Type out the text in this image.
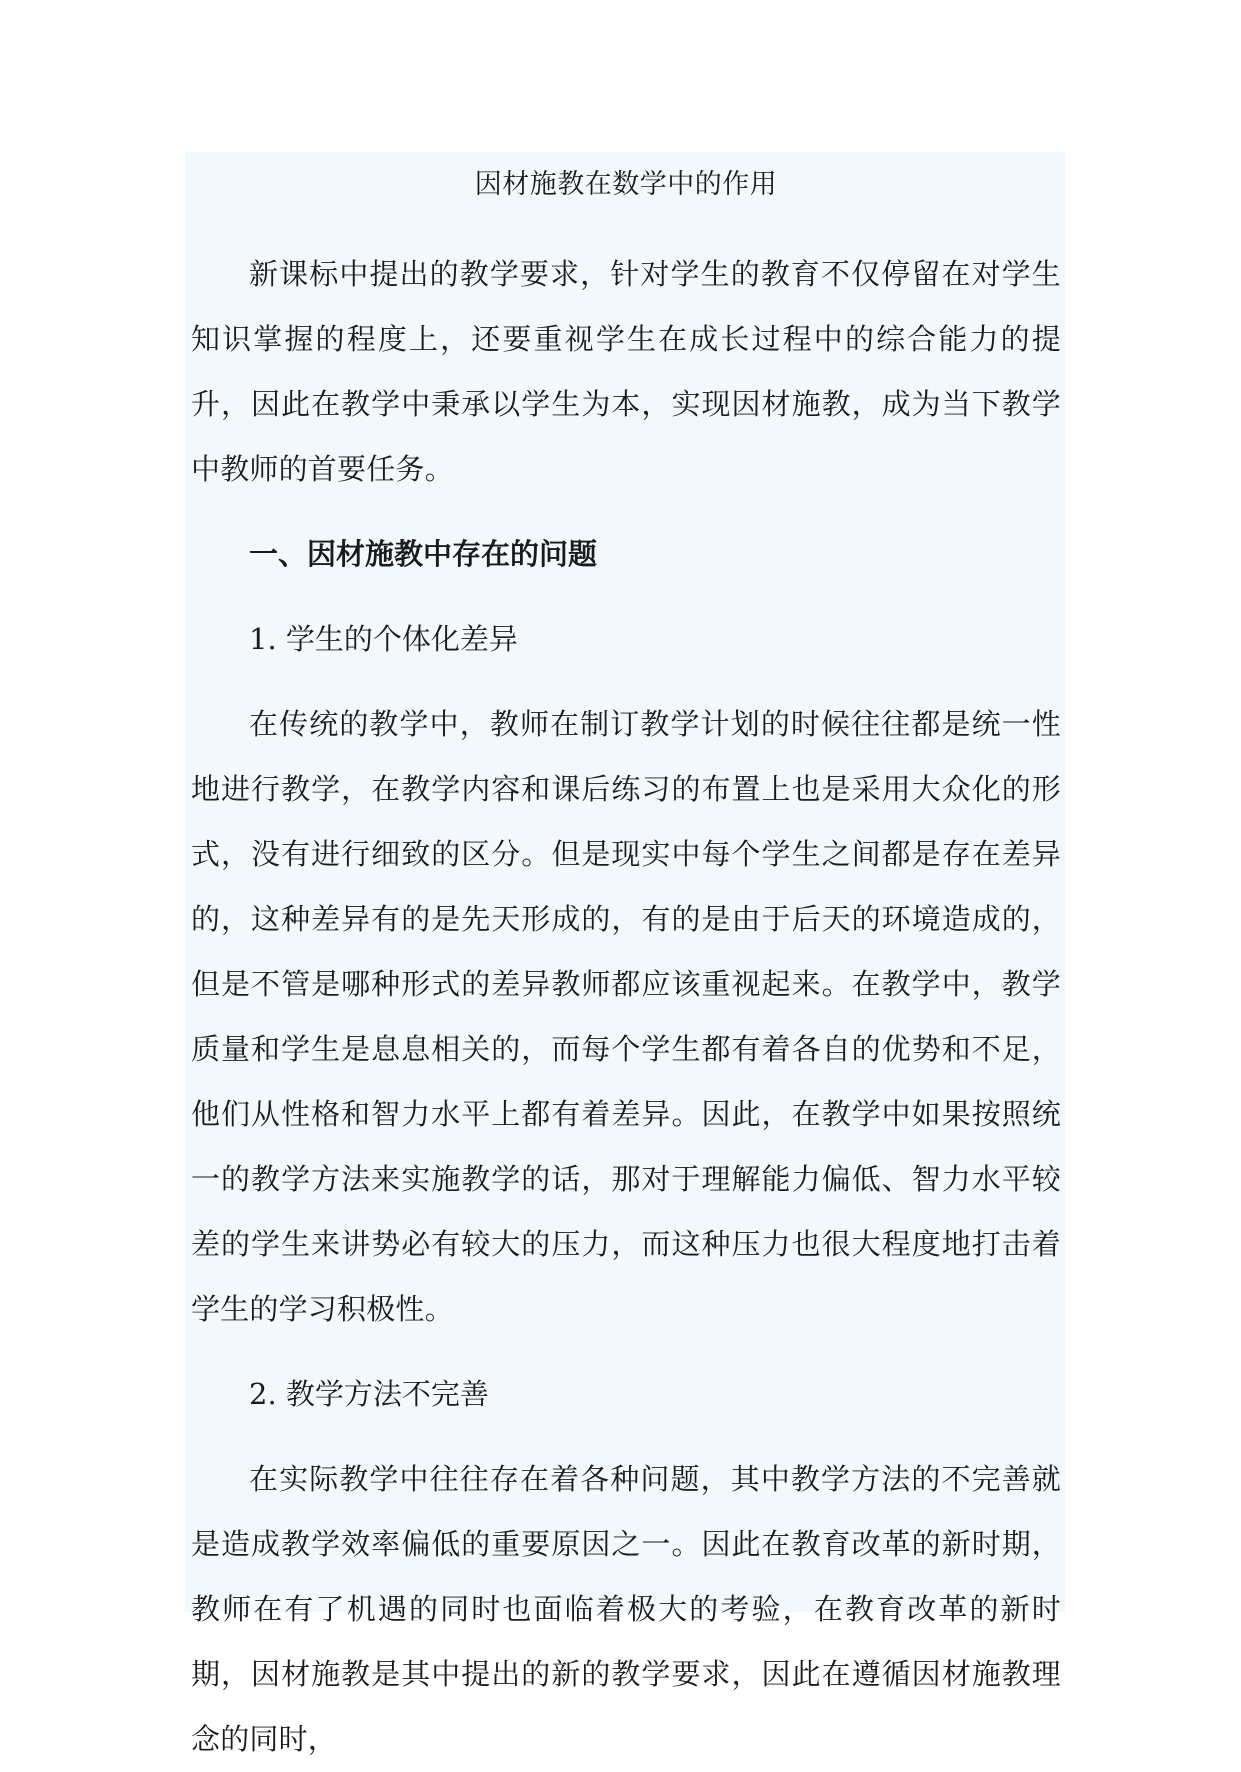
因材施教在数学中的作用

新课标中提出的教学要求，针对学生的教育不仅停留在对学生知识掌握的程度上，还要重视学生在成长过程中的综合能力的提升，因此在教学中秉承以学生为本，实现因材施教，成为当下教学中教师的首要任务。

一、因材施教中存在的问题
1. 学生的个体化差异

在传统的教学中，教师在制订教学计划的时候往往都是统一性地进行教学，在教学内容和课后练习的布置上也是采用大众化的形式，没有进行细致的区分。但是现实中每个学生之间都是存在差异的，这种差异有的是先天形成的，有的是由于后天的环境造成的，但是不管是哪种形式的差异教师都应该重视起来。在教学中，教学质量和学生是息息相关的，而每个学生都有着各自的优势和不足，他们从性格和智力水平上都有着差异。因此，在教学中如果按照统一的教学方法来实施教学的话，那对于理解能力偏低、智力水平较差的学生来讲势必有较大的压力，而这种压力也很大程度地打击着学生的学习积极性。

2. 教学方法不完善

在实际教学中往往存在着各种问题，其中教学方法的不完善就是造成教学效率偏低的重要原因之一。因此在教育改革的新时期，教师在有了机遇的同时也面临着极大的考验，在教育改革的新时期，因材施教是其中提出的新的教学要求，因此在遵循因材施教理念的同时，
